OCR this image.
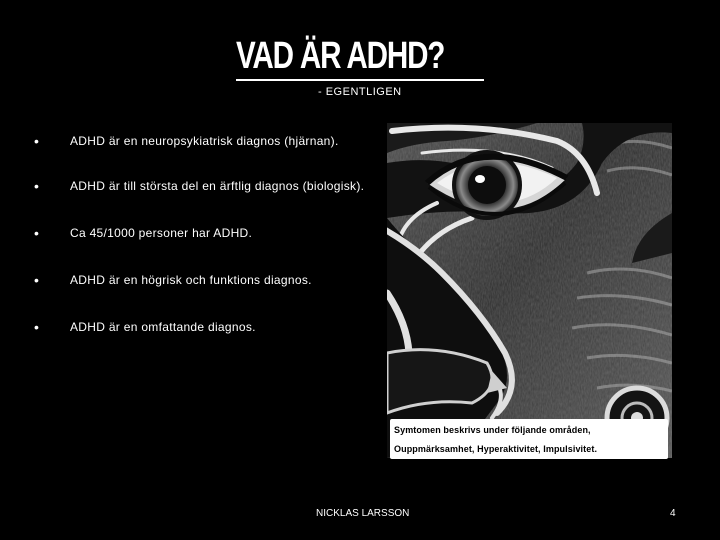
VAD ÄR ADHD?
- EGENTLIGEN
•	ADHD är en neuropsykiatrisk diagnos (hjärnan).
•	ADHD är till största del en ärftlig diagnos (biologisk).
•	Ca 45/1000 personer har ADHD.
•	ADHD är en högrisk och funktions diagnos.
•	ADHD är en omfattande diagnos.
Symtomen beskrivs under följande områden,
Ouppmärksamhet, Hyperaktivitet, Impulsivitet.
NICKLAS LARSSON	4
